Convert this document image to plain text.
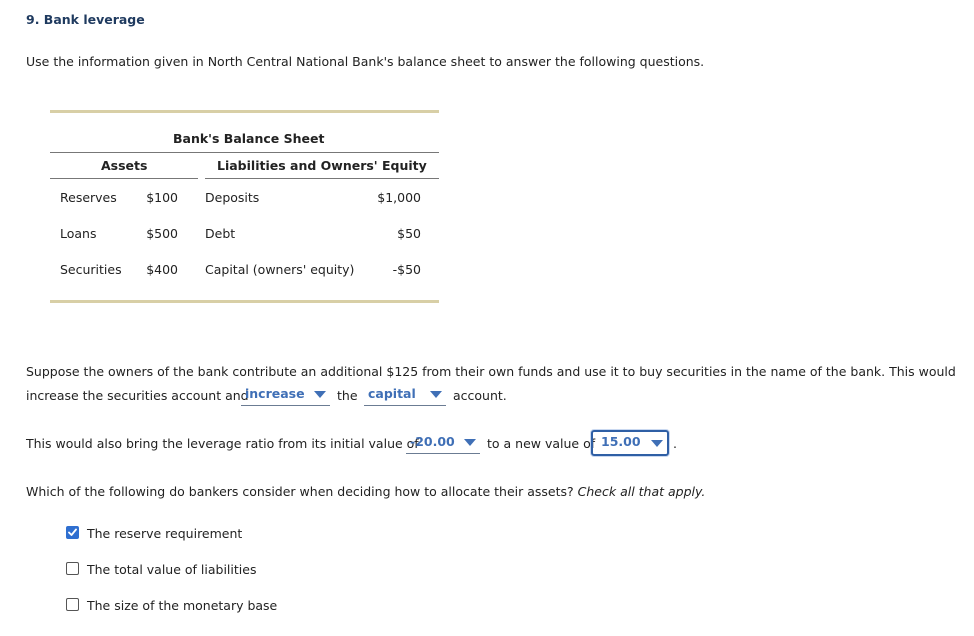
9. Bank leverage
Use the information given in North Central National Bank's balance sheet to answer the following questions.
Bank's Balance Sheet
Assets	Liabilities and Owners' Equity
Reserves	$100 Deposits	$1,000
Loans	$500 Debt	$50
Securities	$400 Capital (owners' equity)	-$50
Suppose the owners of the bank contribute an additional $125 from their own funds and use it to buy securities in the name of the bank. This would
increase the securities account and
increase	the capital	account.
This would also bring the leverage ratio from its initial value of
-20.00	to a new value of 15.00	.
Which of the following do bankers consider when deciding how to allocate their assets? Check all that apply.
The reserve requirement
The total value of liabilities
The size of the monetary base
